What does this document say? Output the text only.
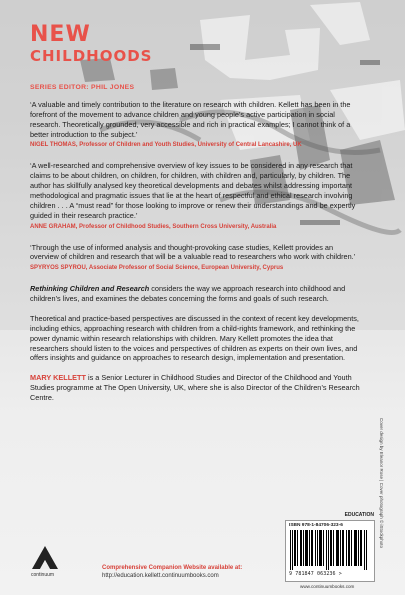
NEW
CHILDHOODS
SERIES EDITOR: PHIL JONES

‘A valuable and timely contribution to the literature on research with children. Kellett has been in the forefront of the movement to advance children and young people’s active participation in social research. Theoretically grounded, very accessible and rich in practical examples; I cannot think of a better introduction to the subject.’

NIGEL THOMAS, Professor of Children and Youth Studies, University of Central Lancashire, UK

‘A well-researched and comprehensive overview of key issues to be considered in any research that claims to be about children, on children, for children, with children and, particularly, by children. The author has skillfully analysed key theoretical developments and debates whilst addressing important methodological and pragmatic issues that lie at the heart of respectful and ethical research involving children . . . A “must read” for those looking to improve or renew their understandings and be expertly guided in their research practice.’

ANNE GRAHAM, Professor of Childhood Studies, Southern Cross University, Australia

‘Through the use of informed analysis and thought-provoking case studies, Kellett provides an overview of children and research that will be a valuable read to researchers who work with children.’

SPYRYOS SPYROU, Associate Professor of Social Science, European University, Cyprus

Rethinking Children and Research considers the way we approach research into childhood and children’s lives, and examines the debates concerning the forms and goals of such research.

Theoretical and practice-based perspectives are discussed in the context of recent key developments, including ethics, approaching research with children from a child-rights framework, and rethinking the power dynamic within research relationships with children. Mary Kellett promotes the idea that researchers should listen to the voices and perspectives of children as experts on their own lives, and offers insights and guidance on approaches to research design, implementation and presentation.

MARY KELLETT is a Senior Lecturer in Childhood Studies and Director of the Childhood and Youth Studies programme at The Open University, UK, where she is also Director of the Children’s Research Centre.

Cover design by Eleanor Rose | Cover photograph © iStockphoto
EDUCATION
ISBN 978-1-84706-323-6
9 781847 063236 >
continuum
Comprehensive Companion Website available at:
http://education.kellett.continuumbooks.com
www.continuumbooks.com
